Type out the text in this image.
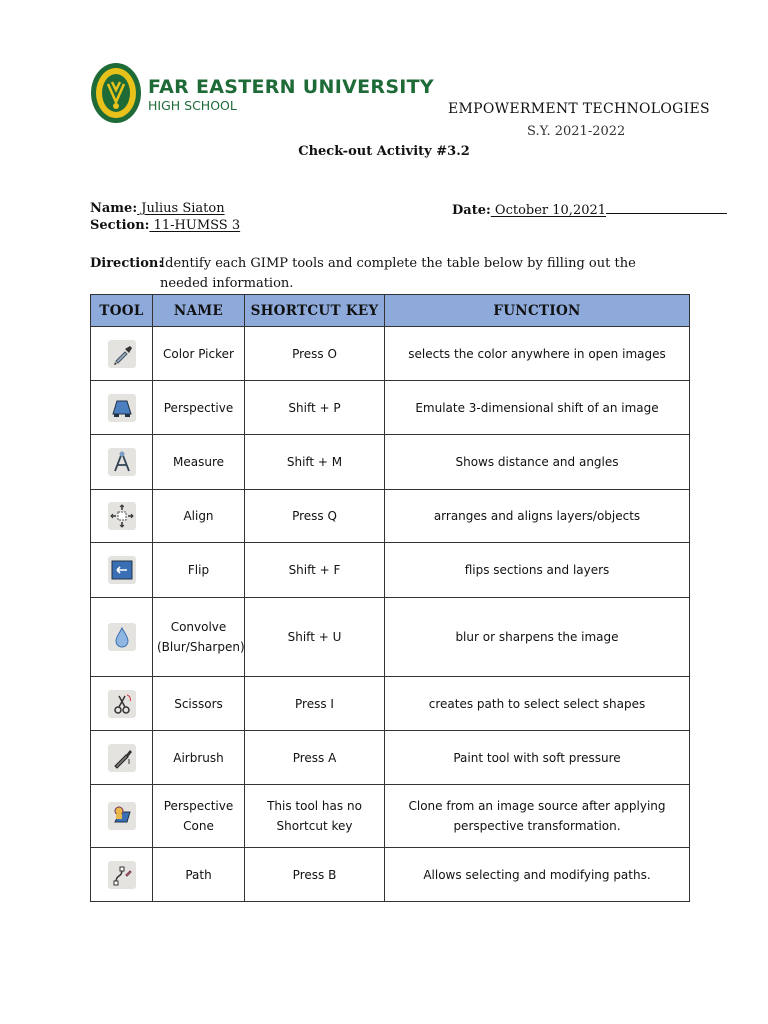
FAR EASTERN UNIVERSITY
HIGH SCHOOL	EMPOWERMENT TECHNOLOGIES
S.Y. 2021-2022
Check-out Activity #3.2
Name: Julius Siaton	Date: October 10,2021
Section: 11-HUMSS 3
Direction:
Identify each GIMP tools and complete the table below by filling out the needed information.
TOOL	NAME	SHORTCUT KEY	FUNCTION

	Color Picker	Press O	selects the color anywhere in open images

	Perspective	Shift + P	Emulate 3-dimensional shift of an image

	Measure	Shift + M	Shows distance and angles

	Align	Press Q	arranges and aligns layers/objects

	Flip	Shift + F	flips sections and layers

	Convolve (Blur/Sharpen)	Shift + U	blur or sharpens the image

	Scissors	Press I	creates path to select select shapes

	Airbrush	Press A	Paint tool with soft pressure

	Perspective Cone	This tool has no Shortcut key	Clone from an image source after applying perspective transformation.

	Path	Press B	Allows selecting and modifying paths.
